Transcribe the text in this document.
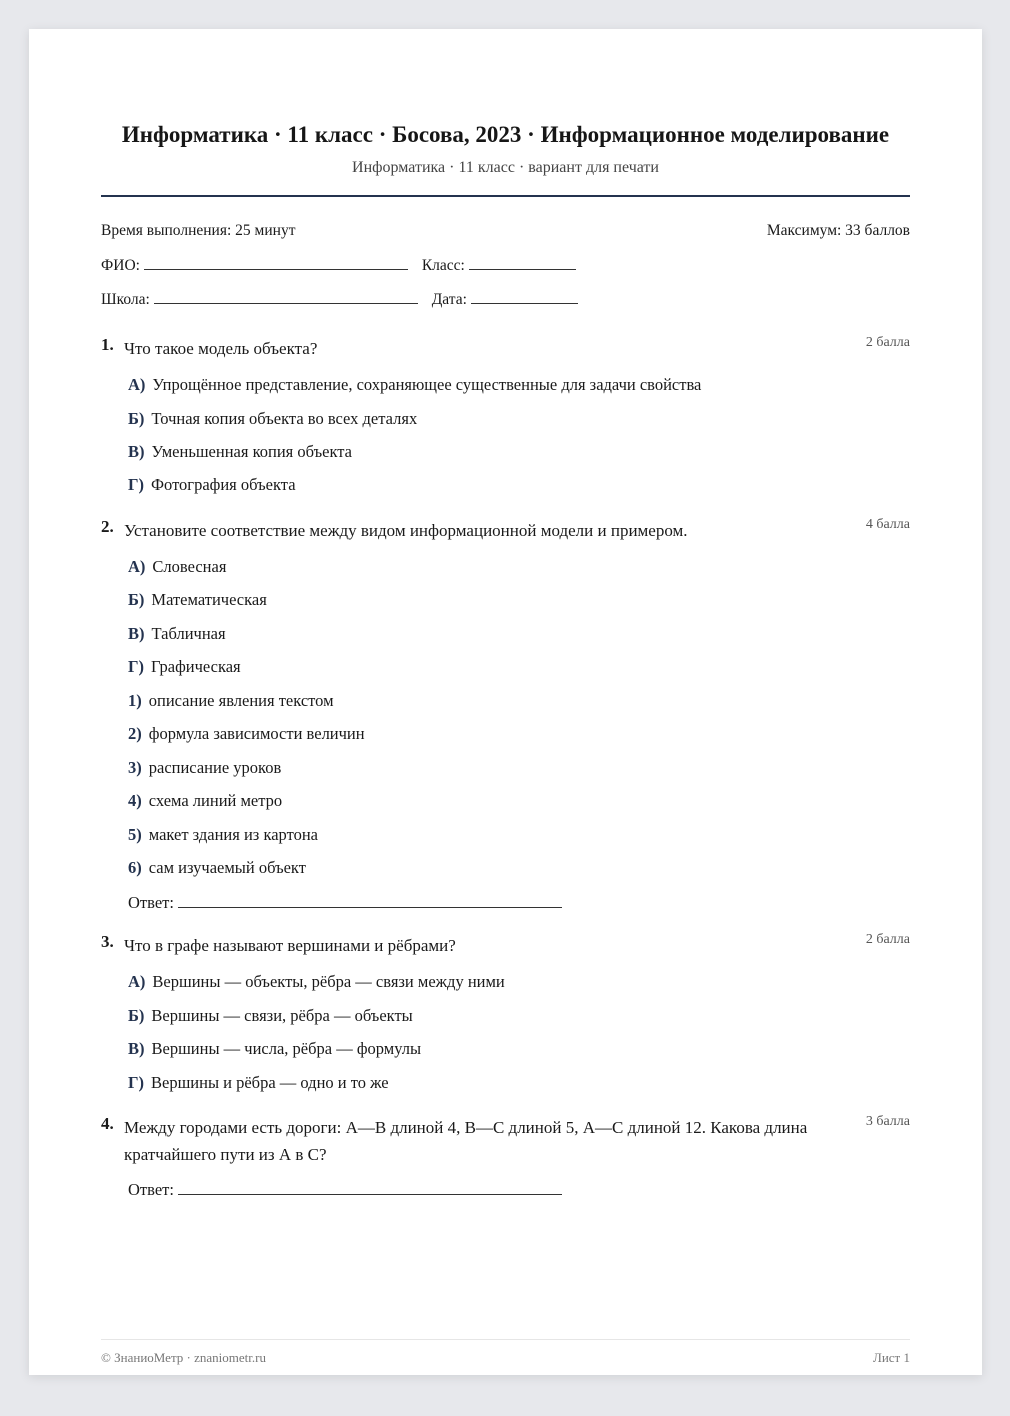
Информатика · 11 класс · Босова, 2023 · Информационное моделирование
Информатика · 11 класс · вариант для печати
Время выполнения: 25 минут	Максимум: 33 баллов
ФИО:	Класс:
Школа:	Дата:
1. Что такое модель объекта?	2 балла
А) Упрощённое представление, сохраняющее существенные для задачи свойства
Б) Точная копия объекта во всех деталях
В) Уменьшенная копия объекта
Г) Фотография объекта
2. Установите соответствие между видом информационной модели и примером.	4 балла
А) Словесная
Б) Математическая
В) Табличная
Г) Графическая
1) описание явления текстом
2) формула зависимости величин
3) расписание уроков
4) схема линий метро
5) макет здания из картона
6) сам изучаемый объект
Ответ:
3. Что в графе называют вершинами и рёбрами?	2 балла
А) Вершины — объекты, рёбра — связи между ними
Б) Вершины — связи, рёбра — объекты
В) Вершины — числа, рёбра — формулы
Г) Вершины и рёбра — одно и то же
4. Между городами есть дороги: А—B длиной 4, B—C длиной 5, А—C длиной 12. Какова длина кратчайшего пути из А в С?
3 балла
Ответ:
© ЗнаниоМетр · znaniometr.ru	Лист 1
